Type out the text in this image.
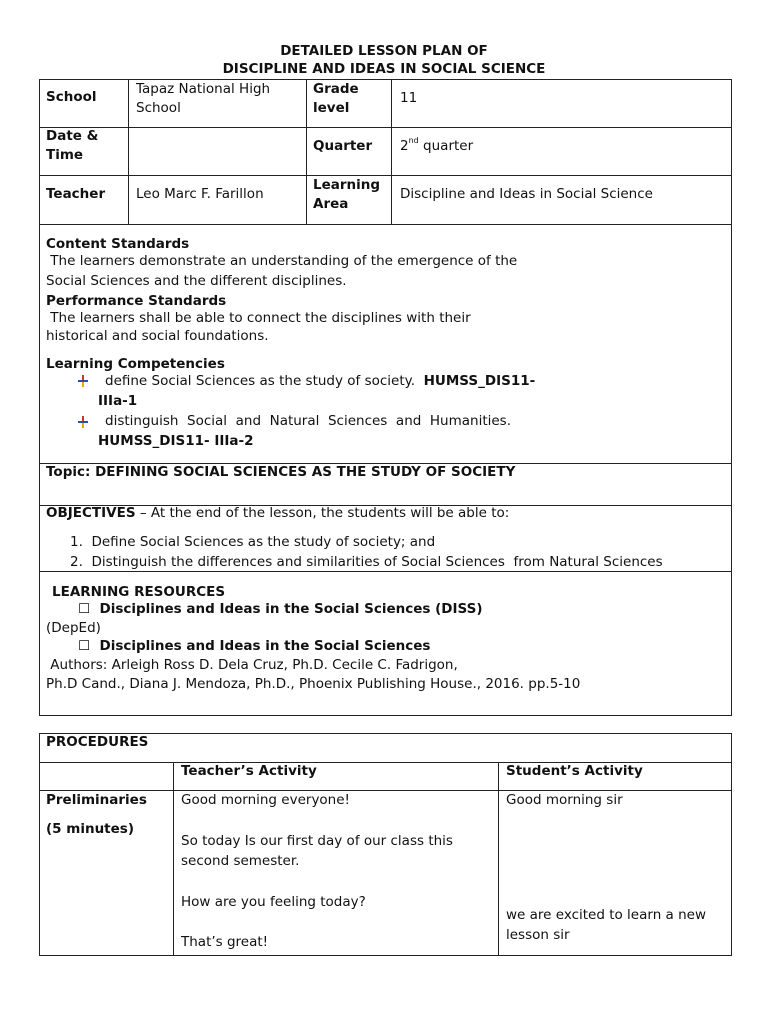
DETAILED LESSON PLAN OF
DISCIPLINE AND IDEAS IN SOCIAL SCIENCE
School	Tapaz National High
School
Grade
level
11
Date &
Time
Quarter 2nd quarter
Teacher Leo Marc F. Farillon
Learning
Area
Discipline and Ideas in Social Science
Content Standards
The learners demonstrate an understanding of the emergence of the
Social Sciences and the different disciplines.
Performance Standards
The learners shall be able to connect the disciplines with their
historical and social foundations.
Learning Competencies
define Social Sciences as the study of society. HUMSS_DIS11-
IIIa-1
distinguish  Social  and  Natural  Sciences  and  Humanities.
HUMSS_DIS11- IIIa-2
Topic: DEFINING SOCIAL SCIENCES AS THE STUDY OF SOCIETY
OBJECTIVES – At the end of the lesson, the students will be able to:
1.  Define Social Sciences as the study of society; and
2.  Distinguish the differences and similarities of Social Sciences  from Natural Sciences
LEARNING RESOURCES
☐  Disciplines and Ideas in the Social Sciences (DISS)
(DepEd)
☐  Disciplines and Ideas in the Social Sciences
Authors: Arleigh Ross D. Dela Cruz, Ph.D. Cecile C. Fadrigon,
Ph.D Cand., Diana J. Mendoza, Ph.D., Phoenix Publishing House., 2016. pp.5-10
PROCEDURES
Teacher’s Activity	Student’s Activity
Preliminaries
(5 minutes)
Good morning everyone!
So today Is our first day of our class this
second semester.
How are you feeling today?
That’s great!
Good morning sir
we are excited to learn a new
lesson sir
